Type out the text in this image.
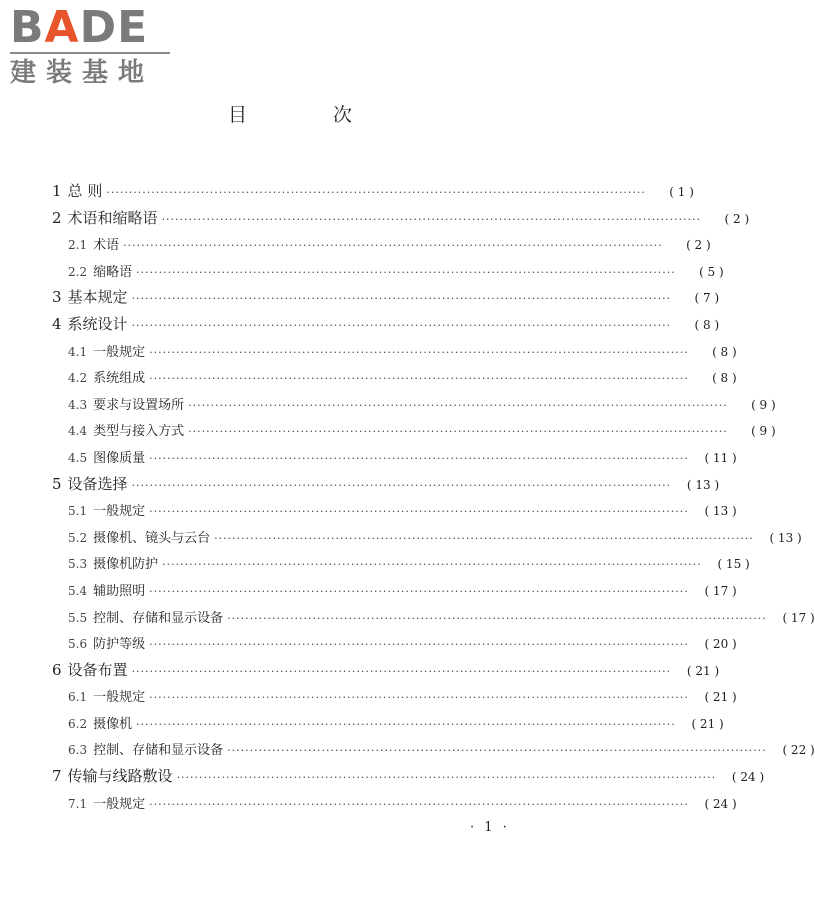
BADE
建装基地
目 次
1 总 则 ························································································································	( 1 )
2 术语和缩略语 ························································································································	( 2 )
2.1 术语 ························································································································	( 2 )
2.2 缩略语 ························································································································	( 5 )
3 基本规定 ························································································································	( 7 )
4 系统设计 ························································································································	( 8 )
4.1 一般规定 ························································································································	( 8 )
4.2 系统组成 ························································································································	( 8 )
4.3 要求与设置场所 ························································································································	( 9 )
4.4 类型与接入方式 ························································································································	( 9 )
4.5 图像质量 ························································································································	( 11 )
5 设备选择 ························································································································	( 13 )
5.1 一般规定 ························································································································	( 13 )
5.2 摄像机、镜头与云台 ························································································································	( 13 )
5.3 摄像机防护 ························································································································	( 15 )
5.4 辅助照明 ························································································································	( 17 )
5.5 控制、存储和显示设备 ························································································································	( 17 )
5.6 防护等级 ························································································································	( 20 )
6 设备布置 ························································································································	( 21 )
6.1 一般规定 ························································································································	( 21 )
6.2 摄像机 ························································································································	( 21 )
6.3 控制、存储和显示设备 ························································································································	( 22 )
7 传输与线路敷设 ························································································································	( 24 )
7.1 一般规定 ························································································································	( 24 )
· 1 ·
